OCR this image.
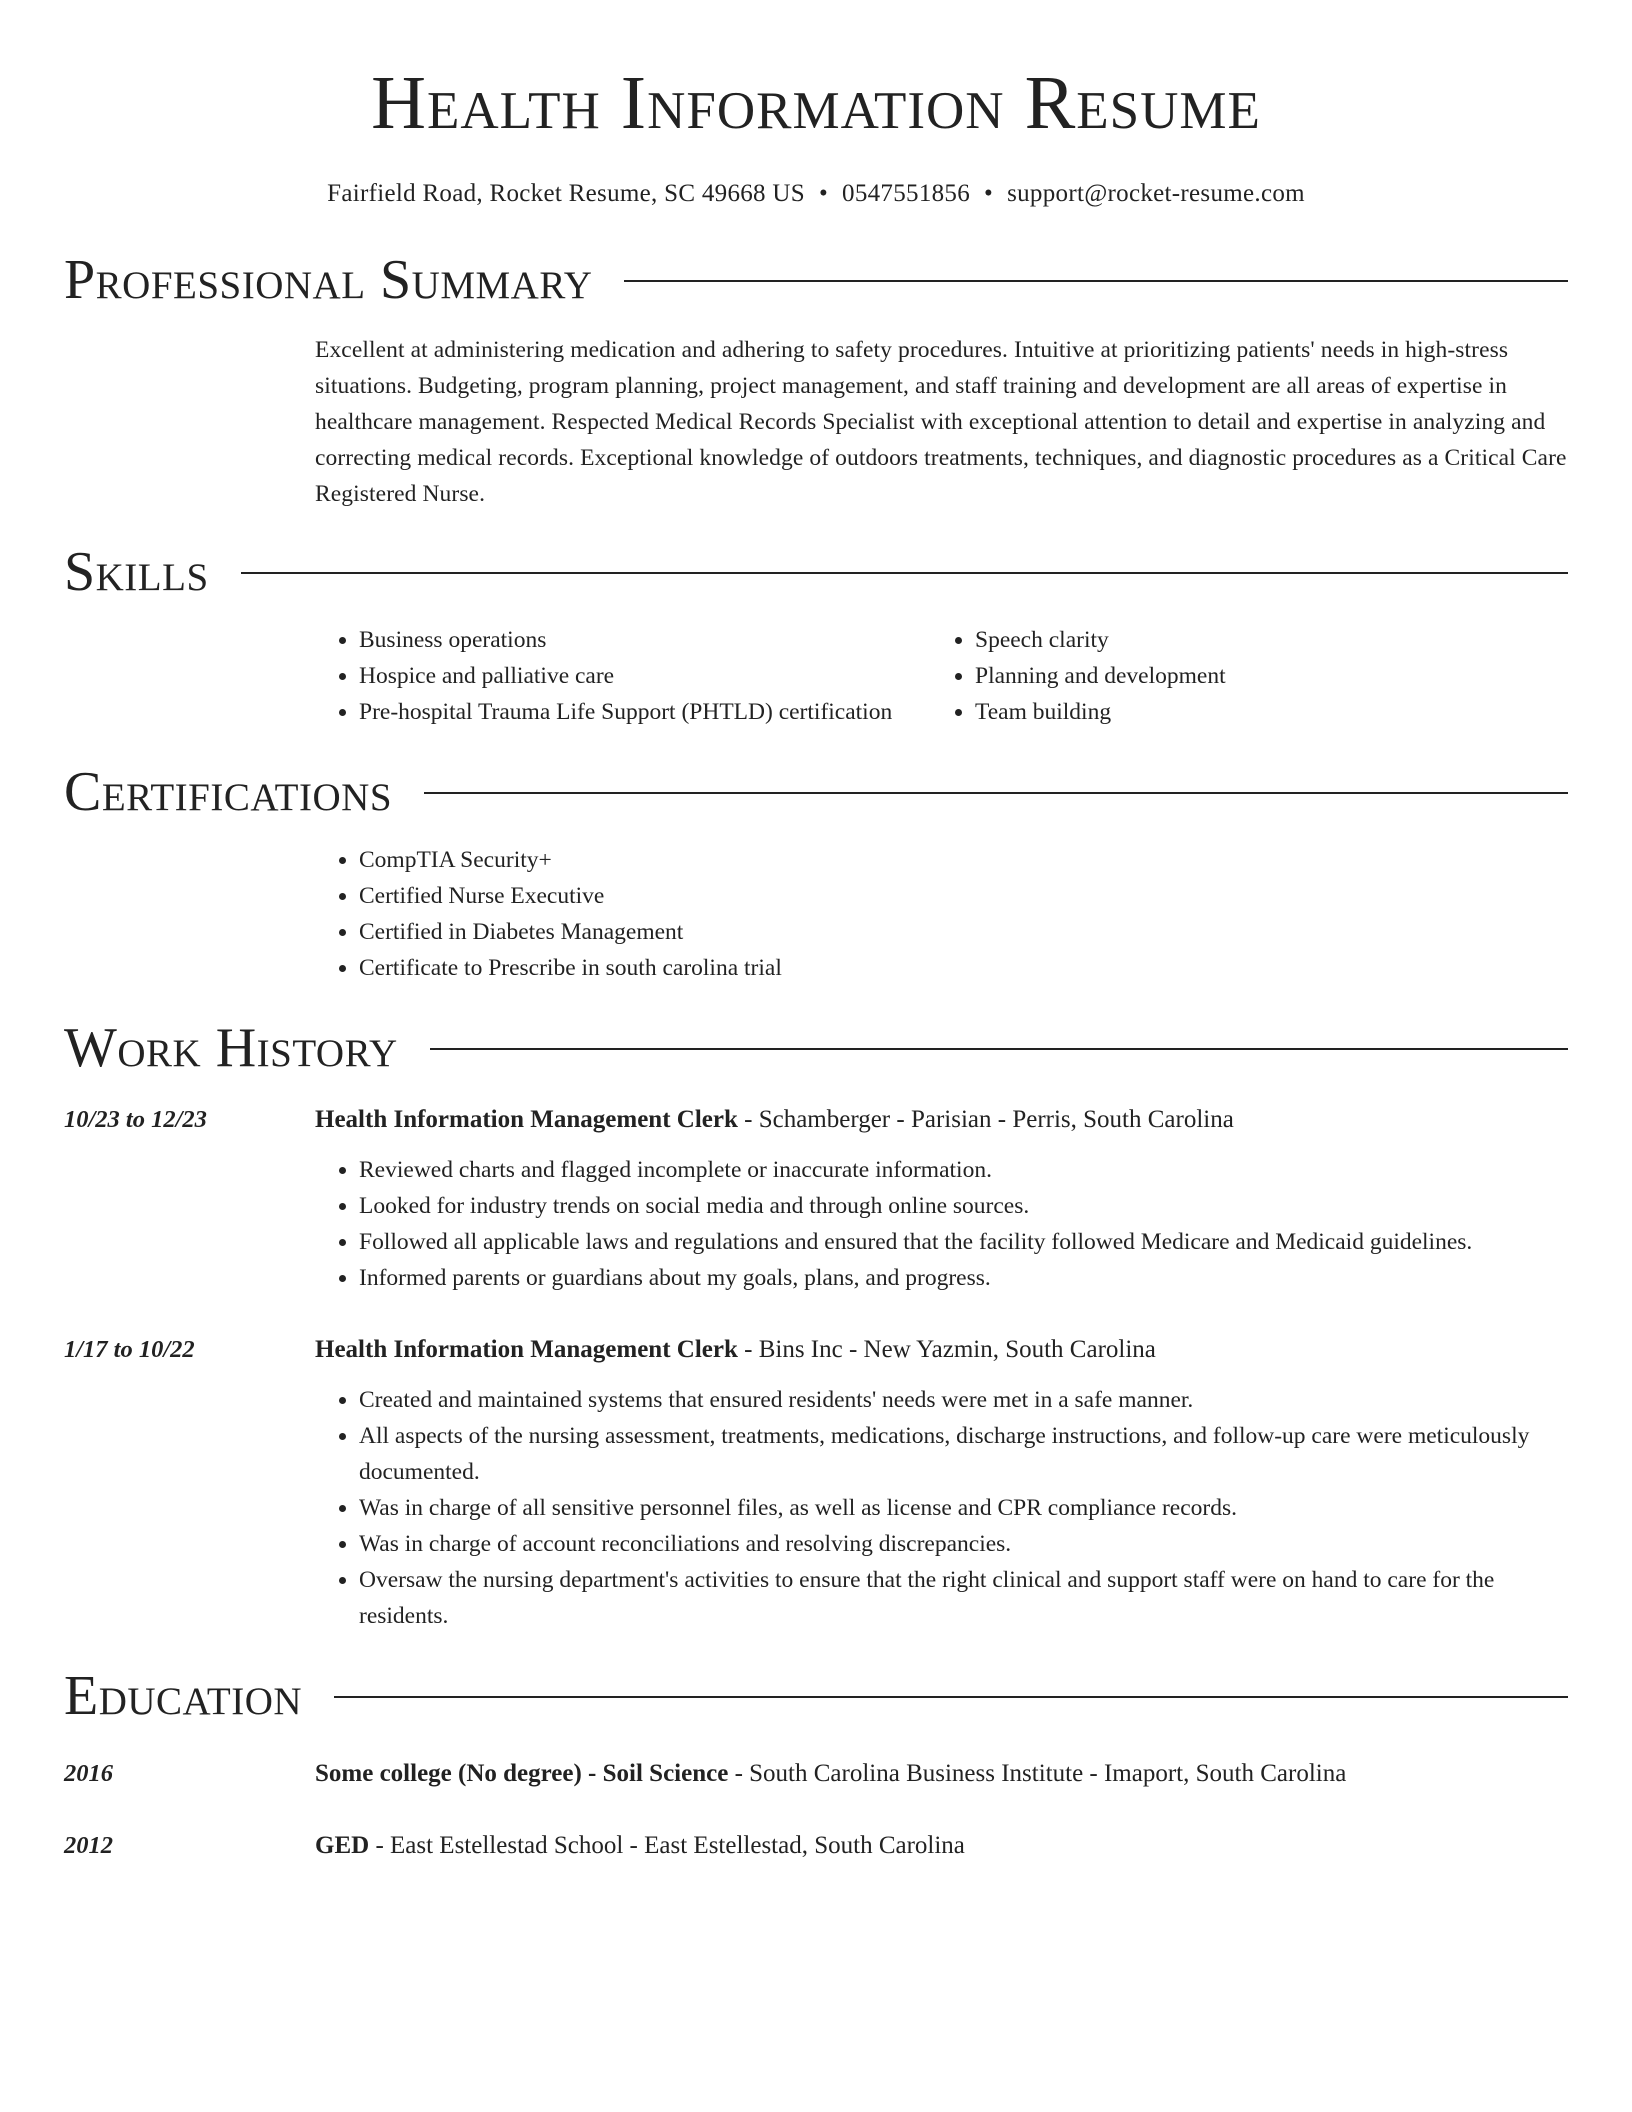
Health Information Resume
Fairfield Road, Rocket Resume, SC 49668 US • 0547551856 • support@rocket-resume.com
Professional Summary
Excellent at administering medication and adhering to safety procedures. Intuitive at prioritizing patients' needs in high-stress situations. Budgeting, program planning, project management, and staff training and development are all areas of expertise in healthcare management. Respected Medical Records Specialist with exceptional attention to detail and expertise in analyzing and correcting medical records. Exceptional knowledge of outdoors treatments, techniques, and diagnostic procedures as a Critical Care Registered Nurse.
Skills
• Business operations
• Hospice and palliative care
• Pre-hospital Trauma Life Support (PHTLD) certification
• Speech clarity
• Planning and development
• Team building
Certifications
• CompTIA Security+
• Certified Nurse Executive
• Certified in Diabetes Management
• Certificate to Prescribe in south carolina trial
Work History
10/23 to 12/23	Health Information Management Clerk - Schamberger - Parisian - Perris, South Carolina
• Reviewed charts and flagged incomplete or inaccurate information.
• Looked for industry trends on social media and through online sources.
• Followed all applicable laws and regulations and ensured that the facility followed Medicare and Medicaid guidelines.
• Informed parents or guardians about my goals, plans, and progress.
1/17 to 10/22	Health Information Management Clerk - Bins Inc - New Yazmin, South Carolina
• Created and maintained systems that ensured residents' needs were met in a safe manner.
• All aspects of the nursing assessment, treatments, medications, discharge instructions, and follow-up care were meticulously documented.
• Was in charge of all sensitive personnel files, as well as license and CPR compliance records.
• Was in charge of account reconciliations and resolving discrepancies.
• Oversaw the nursing department's activities to ensure that the right clinical and support staff were on hand to care for the residents.
Education
2016	Some college (No degree) - Soil Science - South Carolina Business Institute - Imaport, South Carolina
2012	GED - East Estellestad School - East Estellestad, South Carolina
